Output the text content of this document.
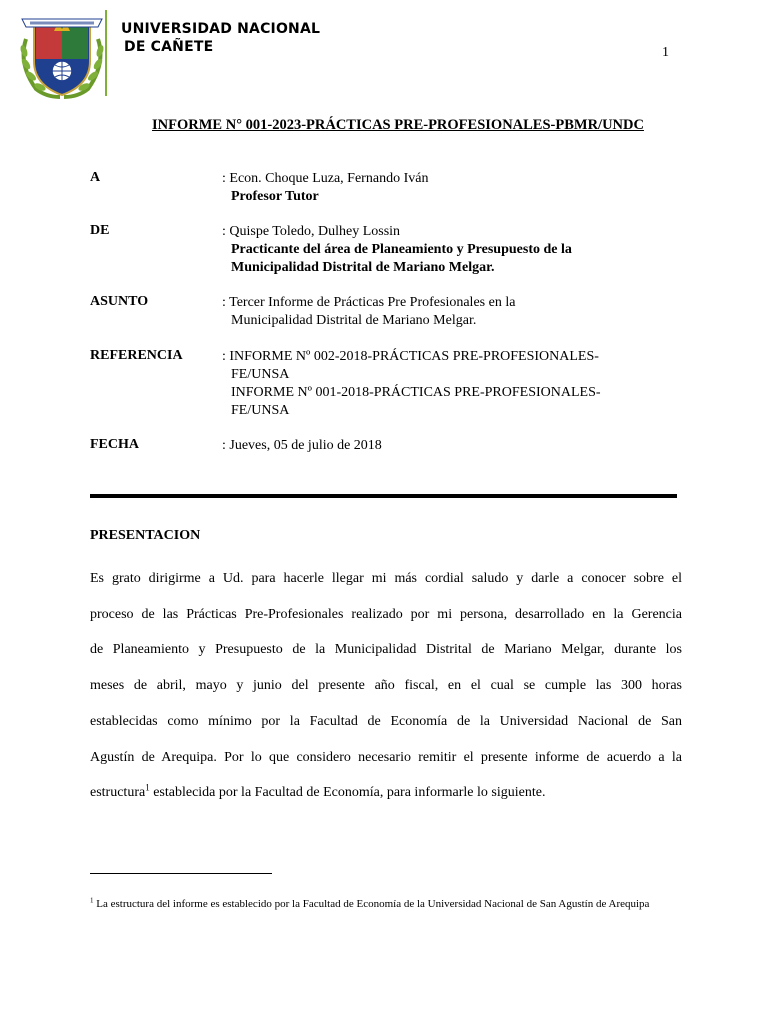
UNIVERSIDAD NACIONAL
DE CAÑETE	1
INFORME N° 001-2023-PRÁCTICAS PRE-PROFESIONALES-PBMR/UNDC
A	: Econ. Choque Luza, Fernando Iván
Profesor Tutor
DE	: Quispe Toledo, Dulhey Lossin
Practicante del área de Planeamiento y Presupuesto de la
Municipalidad Distrital de Mariano Melgar.
ASUNTO	: Tercer Informe de Prácticas Pre Profesionales en la
Municipalidad Distrital de Mariano Melgar.
REFERENCIA	: INFORME Nº 002-2018-PRÁCTICAS PRE-PROFESIONALES-
FE/UNSA
INFORME Nº 001-2018-PRÁCTICAS PRE-PROFESIONALES-
FE/UNSA
FECHA	: Jueves, 05 de julio de 2018
PRESENTACION
Es grato dirigirme a Ud. para hacerle llegar mi más cordial saludo y darle a conocer sobre el
proceso de las Prácticas Pre-Profesionales realizado por mi persona, desarrollado en la Gerencia
de Planeamiento y Presupuesto de la Municipalidad Distrital de Mariano Melgar, durante los
meses de abril, mayo y junio del presente año fiscal, en el cual se cumple las 300 horas
establecidas como mínimo por la Facultad de Economía de la Universidad Nacional de San
Agustín de Arequipa. Por lo que considero necesario remitir el presente informe de acuerdo a la
estructura$^1$ establecida por la Facultad de Economía, para informarle lo siguiente.
$^1$ La estructura del informe es establecido por la Facultad de Economía de la Universidad Nacional de San Agustín de Arequipa
